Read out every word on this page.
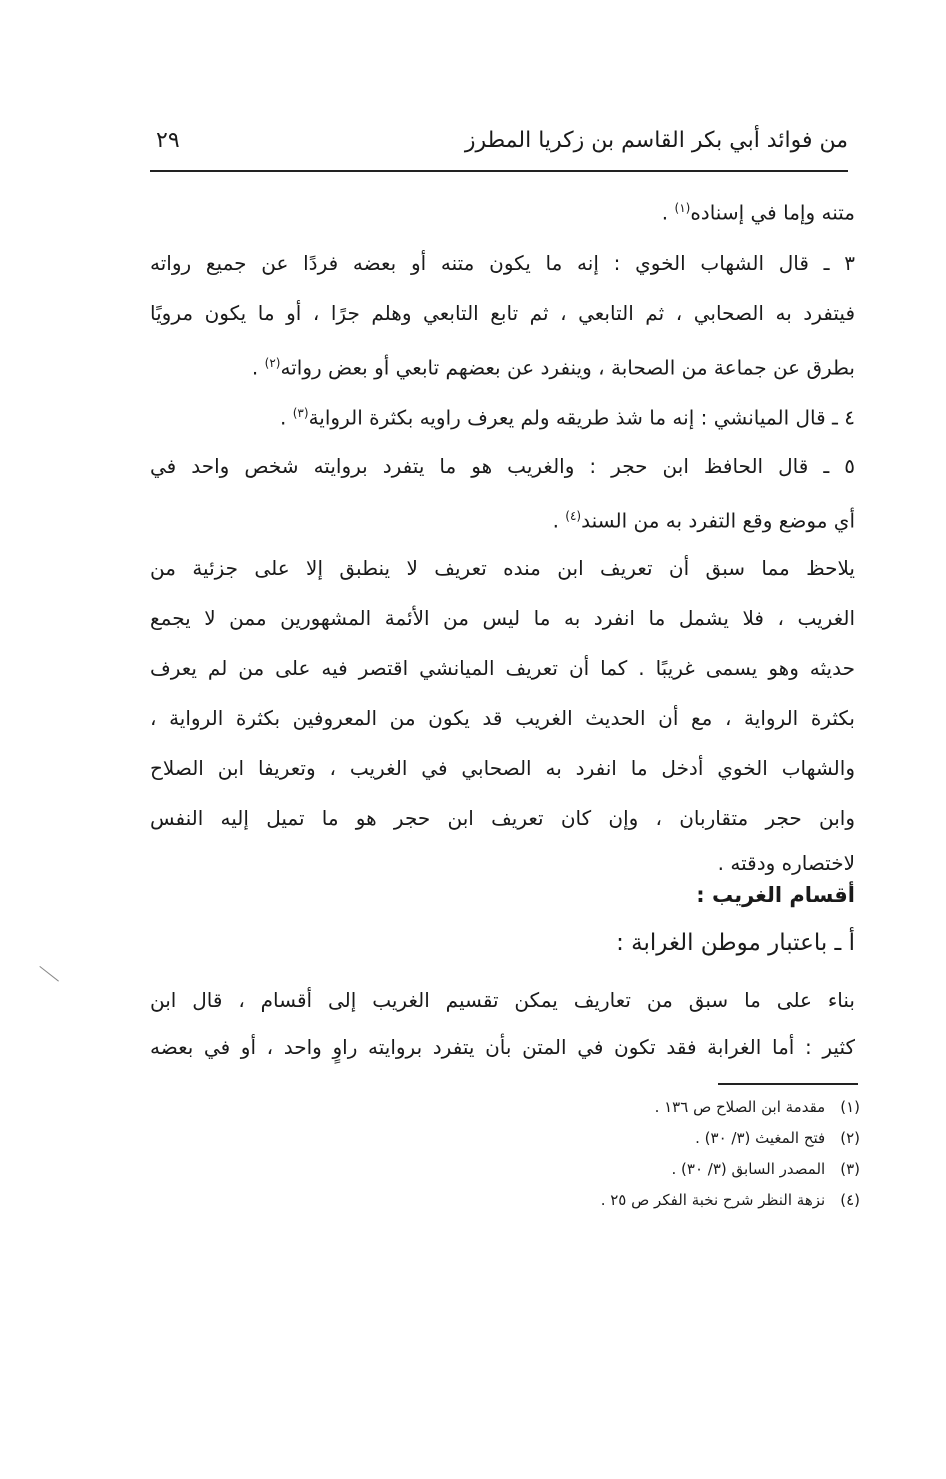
من فوائد أبي بكر القاسم بن زكريا المطرز
٢٩
متنه وإما في إسناده$^{(١)}$ .
٣ ـ قال الشهاب الخوي : إنه ما يكون متنه أو بعضه فردًا عن جميع رواته
فيتفرد به الصحابي ، ثم التابعي ، ثم تابع التابعي وهلم جرًا ، أو ما يكون مرويًا
بطرق عن جماعة من الصحابة ، وينفرد عن بعضهم تابعي أو بعض رواته$^{(٢)}$ .
٤ ـ قال الميانشي : إنه ما شذ طريقه ولم يعرف راويه بكثرة الرواية$^{(٣)}$ .
٥ ـ قال الحافظ ابن حجر : والغريب هو ما يتفرد بروايته شخص واحد في
أي موضع وقع التفرد به من السند$^{(٤)}$ .
يلاحظ مما سبق أن تعريف ابن منده تعريف لا ينطبق إلا على جزئية من
الغريب ، فلا يشمل ما انفرد به ما ليس من الأئمة المشهورين ممن لا يجمع
حديثه وهو يسمى غريبًا . كما أن تعريف الميانشي اقتصر فيه على من لم يعرف
بكثرة الرواية ، مع أن الحديث الغريب قد يكون من المعروفين بكثرة الرواية ،
والشهاب الخوي أدخل ما انفرد به الصحابي في الغريب ، وتعريفا ابن الصلاح
وابن حجر متقاربان ، وإن كان تعريف ابن حجر هو ما تميل إليه النفس
لاختصاره ودقته .
أقسام الغريب :
أ ـ باعتبار موطن الغرابة :
بناء على ما سبق من تعاريف يمكن تقسيم الغريب إلى أقسام ، قال ابن
كثير : أما الغرابة فقد تكون في المتن بأن يتفرد بروايته راوٍ واحد ، أو في بعضه
(١) مقدمة ابن الصلاح ص ١٣٦ .
(٢) فتح المغيث (٣/ ٣٠) .
(٣) المصدر السابق (٣/ ٣٠) .
(٤) نزهة النظر شرح نخبة الفكر ص ٢٥ .
